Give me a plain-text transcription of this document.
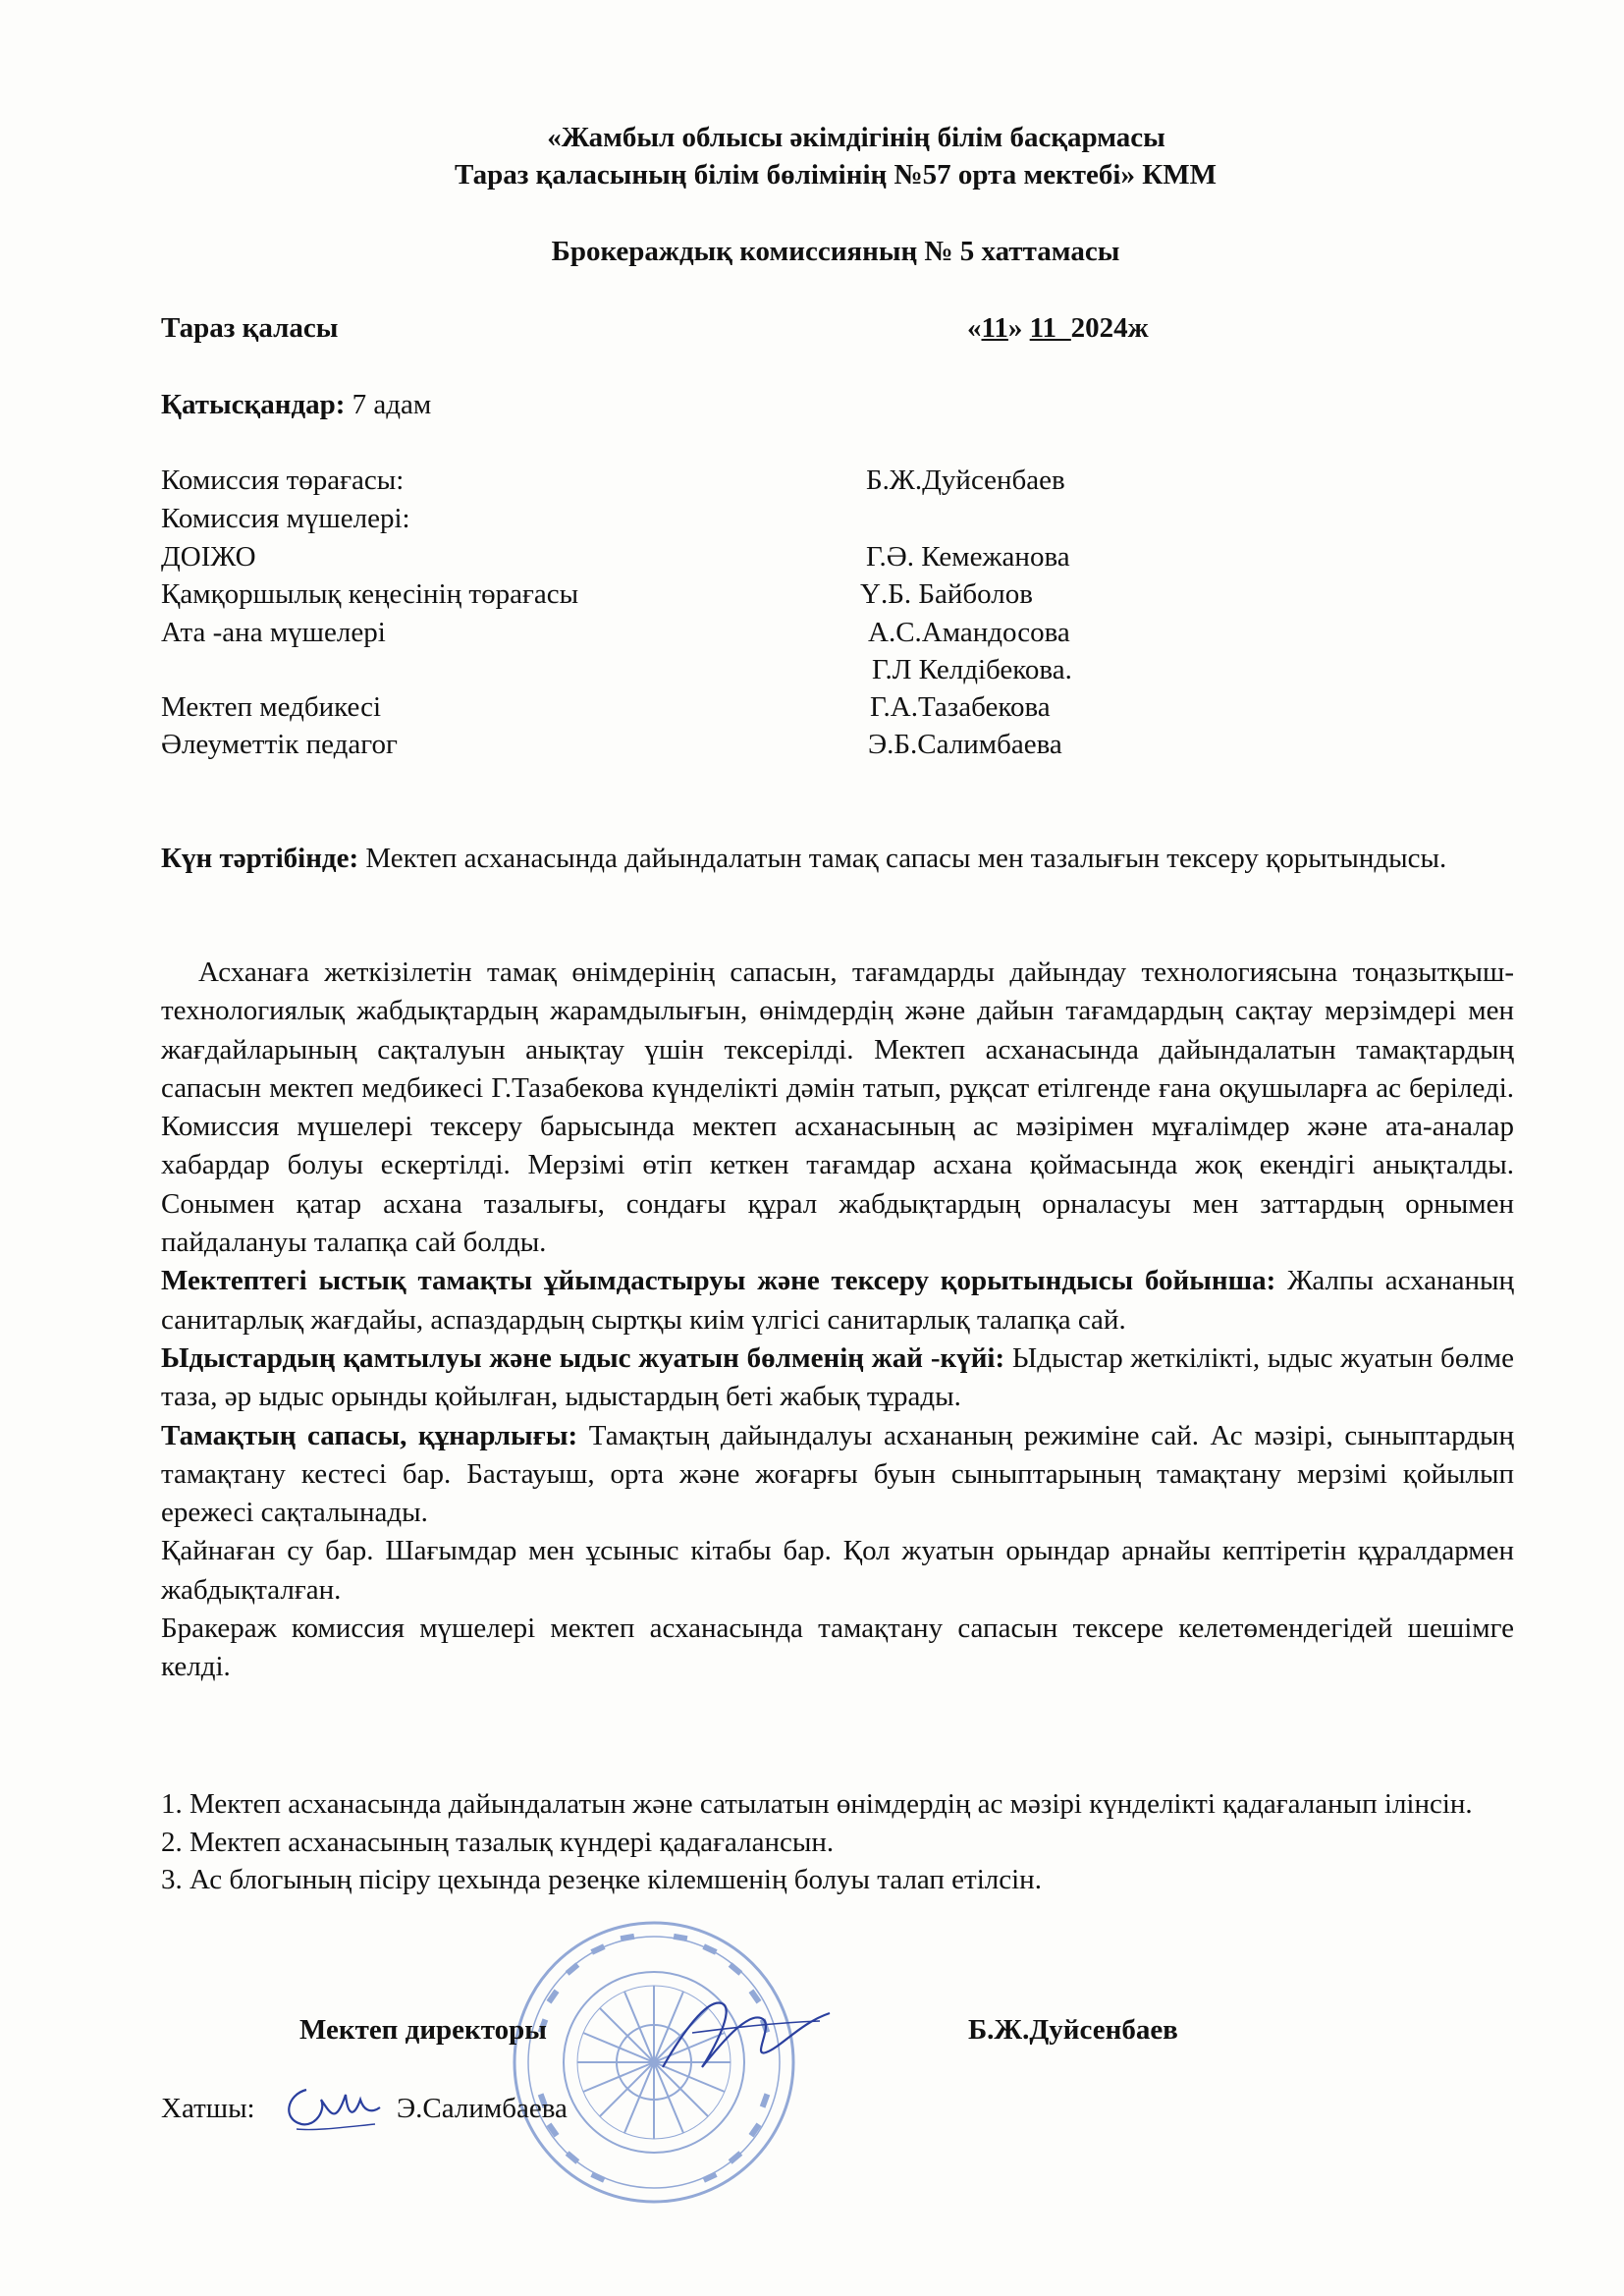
«Жамбыл облысы әкімдігінің білім басқармасы
Тараз қаласының білім бөлімінің №57 орта мектебі» КММ
Брокераждық комиссияның № 5 хаттамасы
Тараз қаласы	«11» 11_2024ж
Қатысқандар: 7 адам
Комиссия төрағасы:	Б.Ж.Дуйсенбаев
Комиссия мүшелері:
ДОІЖО	Г.Ә. Кемежанова
Қамқоршылық кеңесінің төрағасы	Ү.Б. Байболов
Ата -ана мүшелері	А.С.Амандосова
Г.Л Келдібекова.
Мектеп медбикесі	Г.А.Тазабекова
Әлеуметтік педагог	Э.Б.Салимбаева

Күн тәртібінде: Мектеп асханасында дайындалатын тамақ сапасы мен тазалығын тексеру қорытындысы.

Асханаға жеткізілетін тамақ өнімдерінің сапасын, тағамдарды дайындау технологиясына тоңазытқыш-технологиялық жабдықтардың жарамдылығын, өнімдердің және дайын тағамдардың сақтау мерзімдері мен жағдайларының сақталуын анықтау үшін тексерілді. Мектеп асханасында дайындалатын тамақтардың сапасын мектеп медбикесі Г.Тазабекова күнделікті дәмін татып, рұқсат етілгенде ғана оқушыларға ас беріледі. Комиссия мүшелері тексеру барысында мектеп асханасының ас мәзірімен мұғалімдер және ата-аналар хабардар болуы ескертілді. Мерзімі өтіп кеткен тағамдар асхана қоймасында жоқ екендігі анықталды. Сонымен қатар асхана тазалығы, сондағы құрал жабдықтардың орналасуы мен заттардың орнымен пайдалануы талапқа сай болды.

Мектептегі ыстық тамақты ұйымдастыруы және тексеру қорытындысы бойынша: Жалпы асхананың санитарлық жағдайы, аспаздардың сыртқы киім үлгісі санитарлық талапқа сай.

Ыдыстардың қамтылуы және ыдыс жуатын бөлменің жай -күйі: Ыдыстар жеткілікті, ыдыс жуатын бөлме таза, әр ыдыс орынды қойылған, ыдыстардың беті жабық тұрады.

Тамақтың сапасы, құнарлығы: Тамақтың дайындалуы асхананың режиміне сай. Ас мәзірі, сыныптардың тамақтану кестесі бар. Бастауыш, орта және жоғарғы буын сыныптарының тамақтану мерзімі қойылып ережесі сақталынады.

Қайнаған су бар. Шағымдар мен ұсыныс кітабы бар. Қол жуатын орындар арнайы кептіретін құралдармен жабдықталған.

Бракераж комиссия мүшелері мектеп асханасында тамақтану сапасын тексере келетөмендегідей шешімге келді.

1. Мектеп асханасында дайындалатын және сатылатын өнімдердің ас мәзірі күнделікті қадағаланып ілінсін.

2. Мектеп асханасының тазалық күндері қадағалансын.

3. Ас блогының пісіру цехында резеңке кілемшенің болуы талап етілсін.

Мектеп директоры	Б.Ж.Дуйсенбаев
Хатшы:	Э.Салимбаева
